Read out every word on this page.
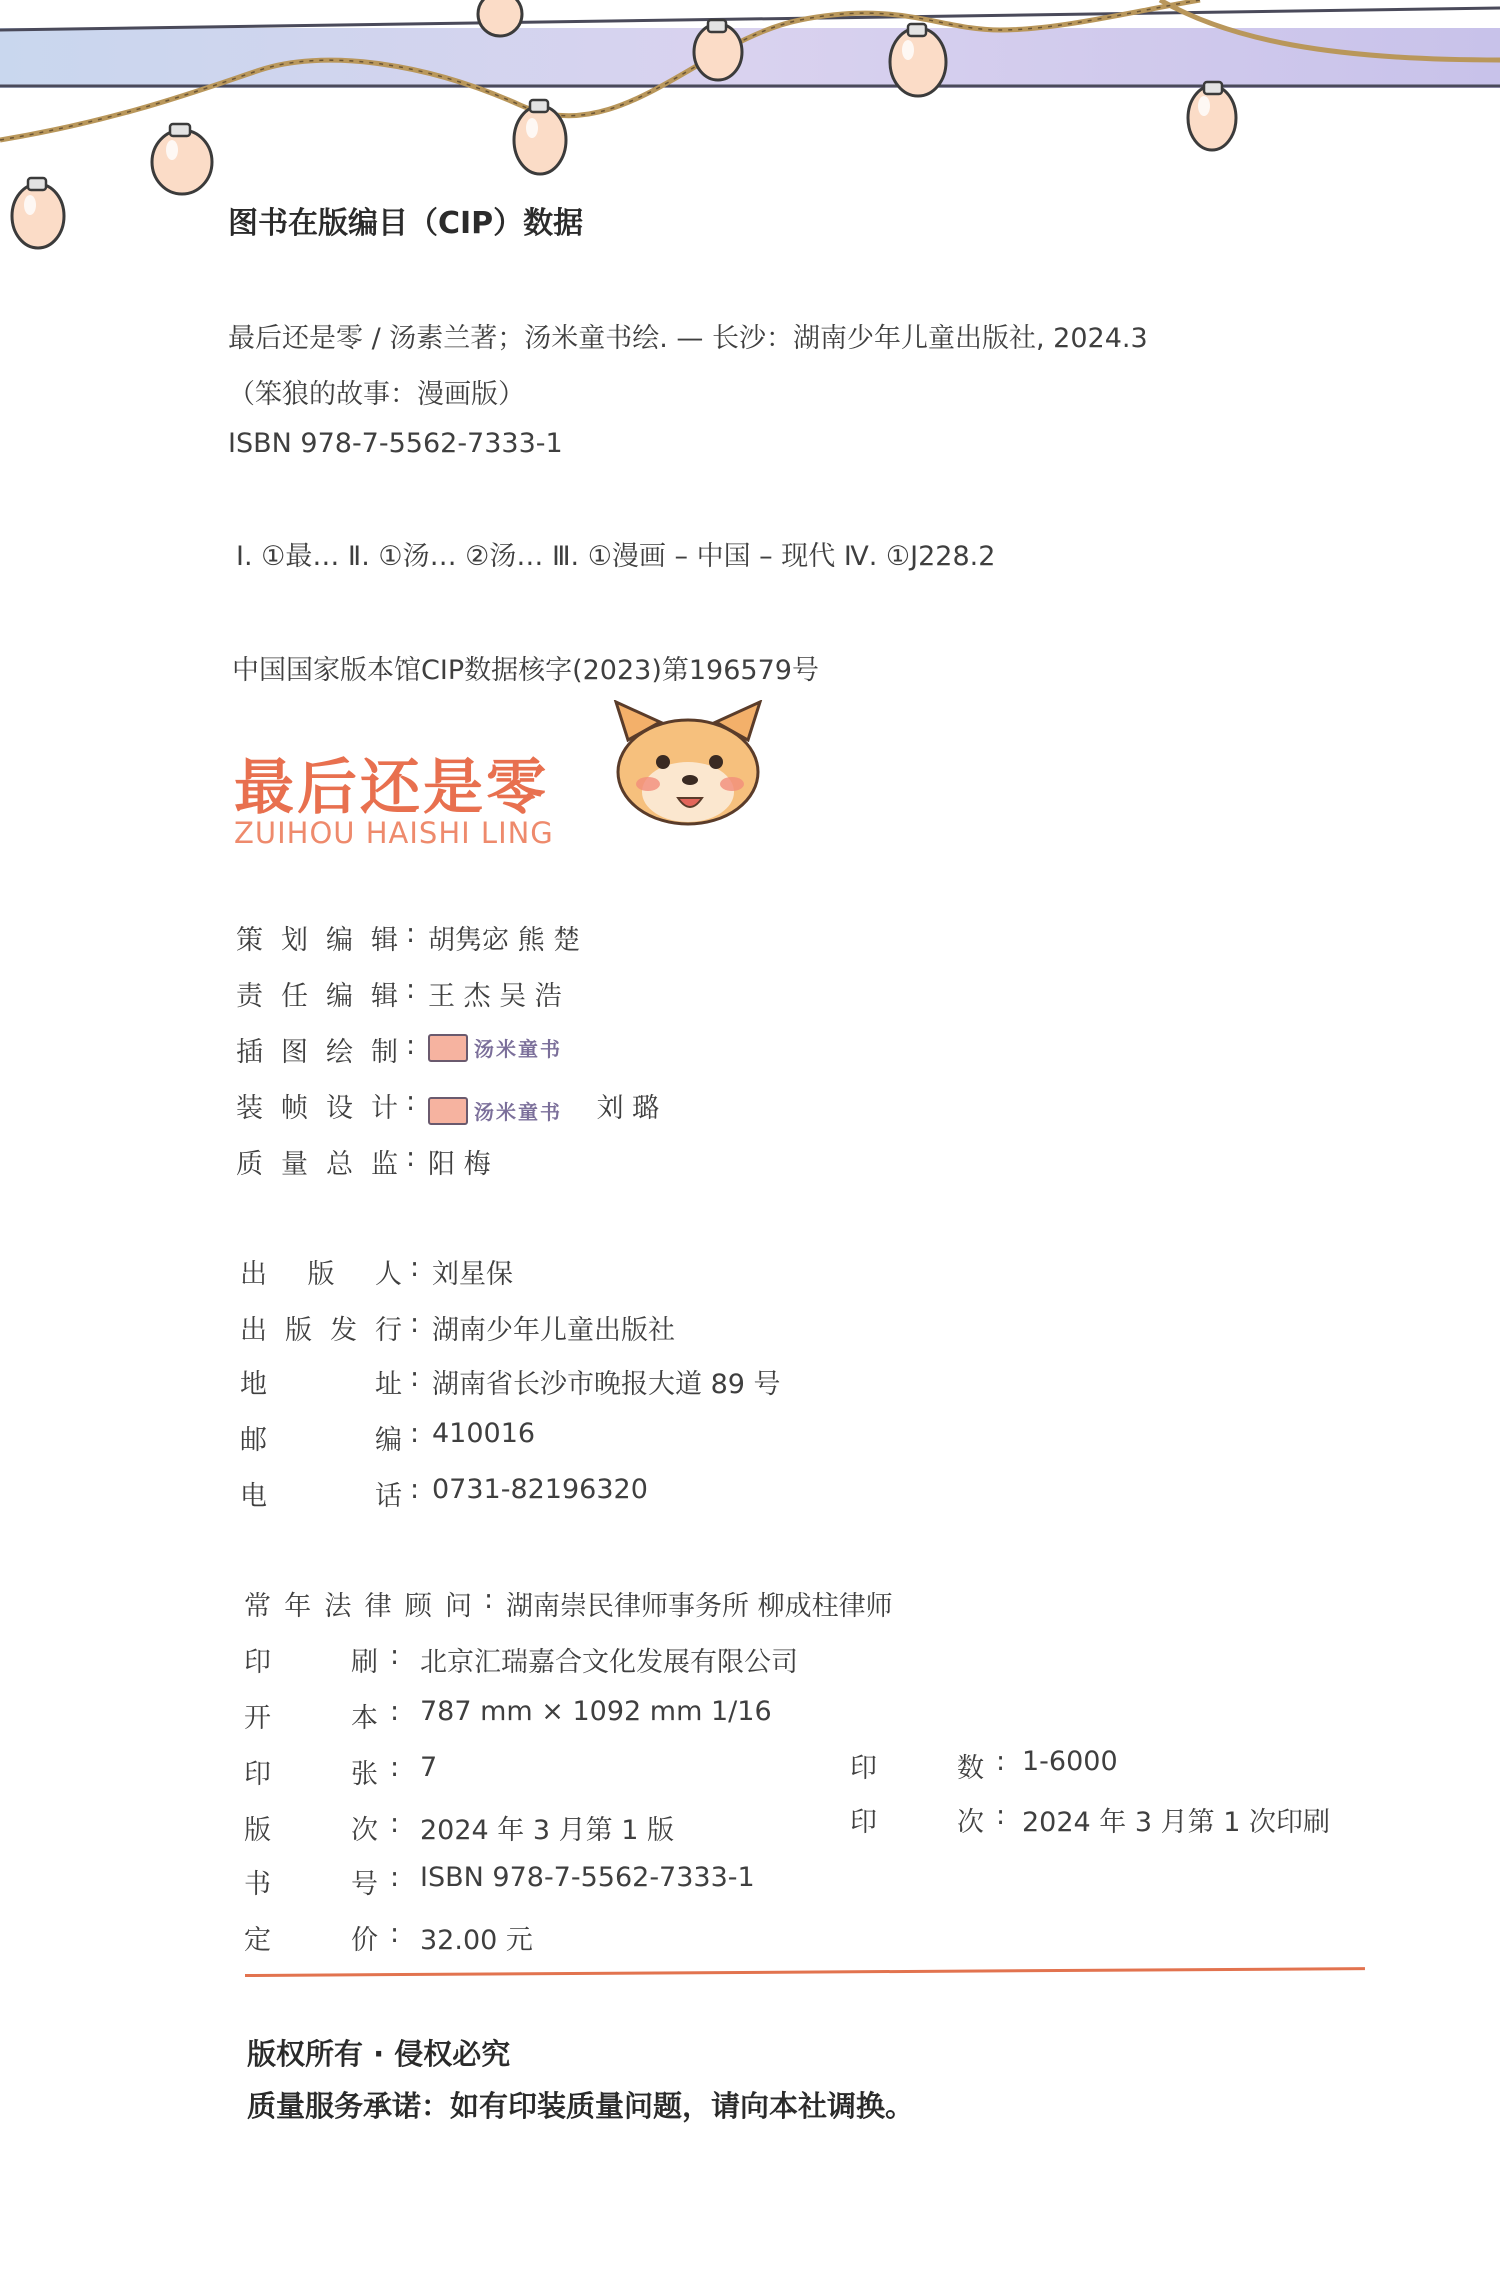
图书在版编目（CIP）数据
最后还是零 / 汤素兰著；汤米童书绘. — 长沙：湖南少年儿童出版社, 2024.3
（笨狼的故事：漫画版）
ISBN 978-7-5562-7333-1
Ⅰ. ①最… Ⅱ. ①汤… ②汤… Ⅲ. ①漫画 – 中国 – 现代 Ⅳ. ①J228.2
中国国家版本馆CIP数据核字(2023)第196579号
最后还是零
ZUIHOU HAISHI LING
策划编辑 : 胡隽宓 熊 楚
责任编辑 : 王 杰 吴 浩
插图绘制 :	汤米童书
装帧设计 :	汤米童书 刘 璐
质量总监 : 阳 梅
出版人 : 刘星保
出版发行 : 湖南少年儿童出版社
地址 : 湖南省长沙市晚报大道 89 号
邮编 : 410016
电话 : 0731-82196320
常年法律顾问 : 湖南崇民律师事务所 柳成柱律师
印刷 : 北京汇瑞嘉合文化发展有限公司
开本 : 787 mm × 1092 mm 1/16
印张 : 7	印数 : 1-6000
版次 : 2024 年 3 月第 1 版	印次 : 2024 年 3 月第 1 次印刷
书号 : ISBN 978-7-5562-7333-1
定价 : 32.00 元
版权所有 · 侵权必究
质量服务承诺：如有印装质量问题，请向本社调换。
